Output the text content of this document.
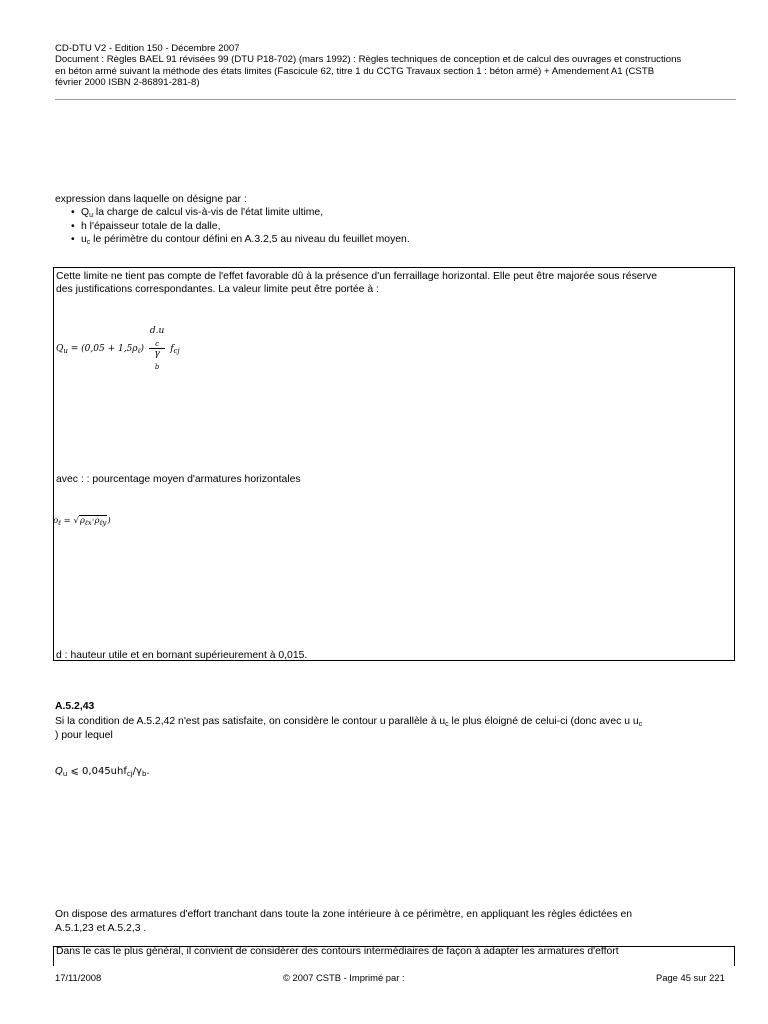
CD-DTU V2 - Edition 150 - Décembre 2007
Document : Règles BAEL 91 révisées 99 (DTU P18-702) (mars 1992) : Règles techniques de conception et de calcul des ouvrages et constructions
en béton armé suivant la méthode des états limites (Fascicule 62, titre 1 du CCTG Travaux section 1 : béton armé) + Amendement A1 (CSTB
février 2000 ISBN 2-86891-281-8)
expression dans laquelle on désigne par :
• $Q_u$ la charge de calcul vis-à-vis de l'état limite ultime,
• h l'épaisseur totale de la dalle,
• $u_c$ le périmètre du contour défini en A.3.2,5 au niveau du feuillet moyen.
Cette limite ne tient pas compte de l'effet favorable dû à la présence d'un ferraillage horizontal. Elle peut être majorée sous réserve
des justifications correspondantes. La valeur limite peut être portée à :
$Q_u = (0,05 + 1,5\rho_\ell)$ d.u
$_c$
γ
$_b$ $f_{cj}$
avec : : pourcentage moyen d'armatures horizontales
$\rho_\ell = √\rho_{\ell x}\cdot\rho_{\ell y}$)
d : hauteur utile et en bornant supérieurement à 0,015.
A.5.2,43
Si la condition de A.5.2,42 n'est pas satisfaite, on considère le contour u parallèle à $u_c$ le plus éloigné de celui-ci (donc avec u $u_c$
) pour lequel
$Q_u$ ⩽ $0,045uhf_{cj}/\gamma_b$.
On dispose des armatures d'effort tranchant dans toute la zone intérieure à ce périmètre, en appliquant les règles édictées en
A.5.1,23 et A.5.2,3 .
Dans le cas le plus général, il convient de considérer des contours intermédiaires de façon à adapter les armatures d'effort
17/11/2008	© 2007 CSTB - Imprimé par :	Page 45 sur 221
